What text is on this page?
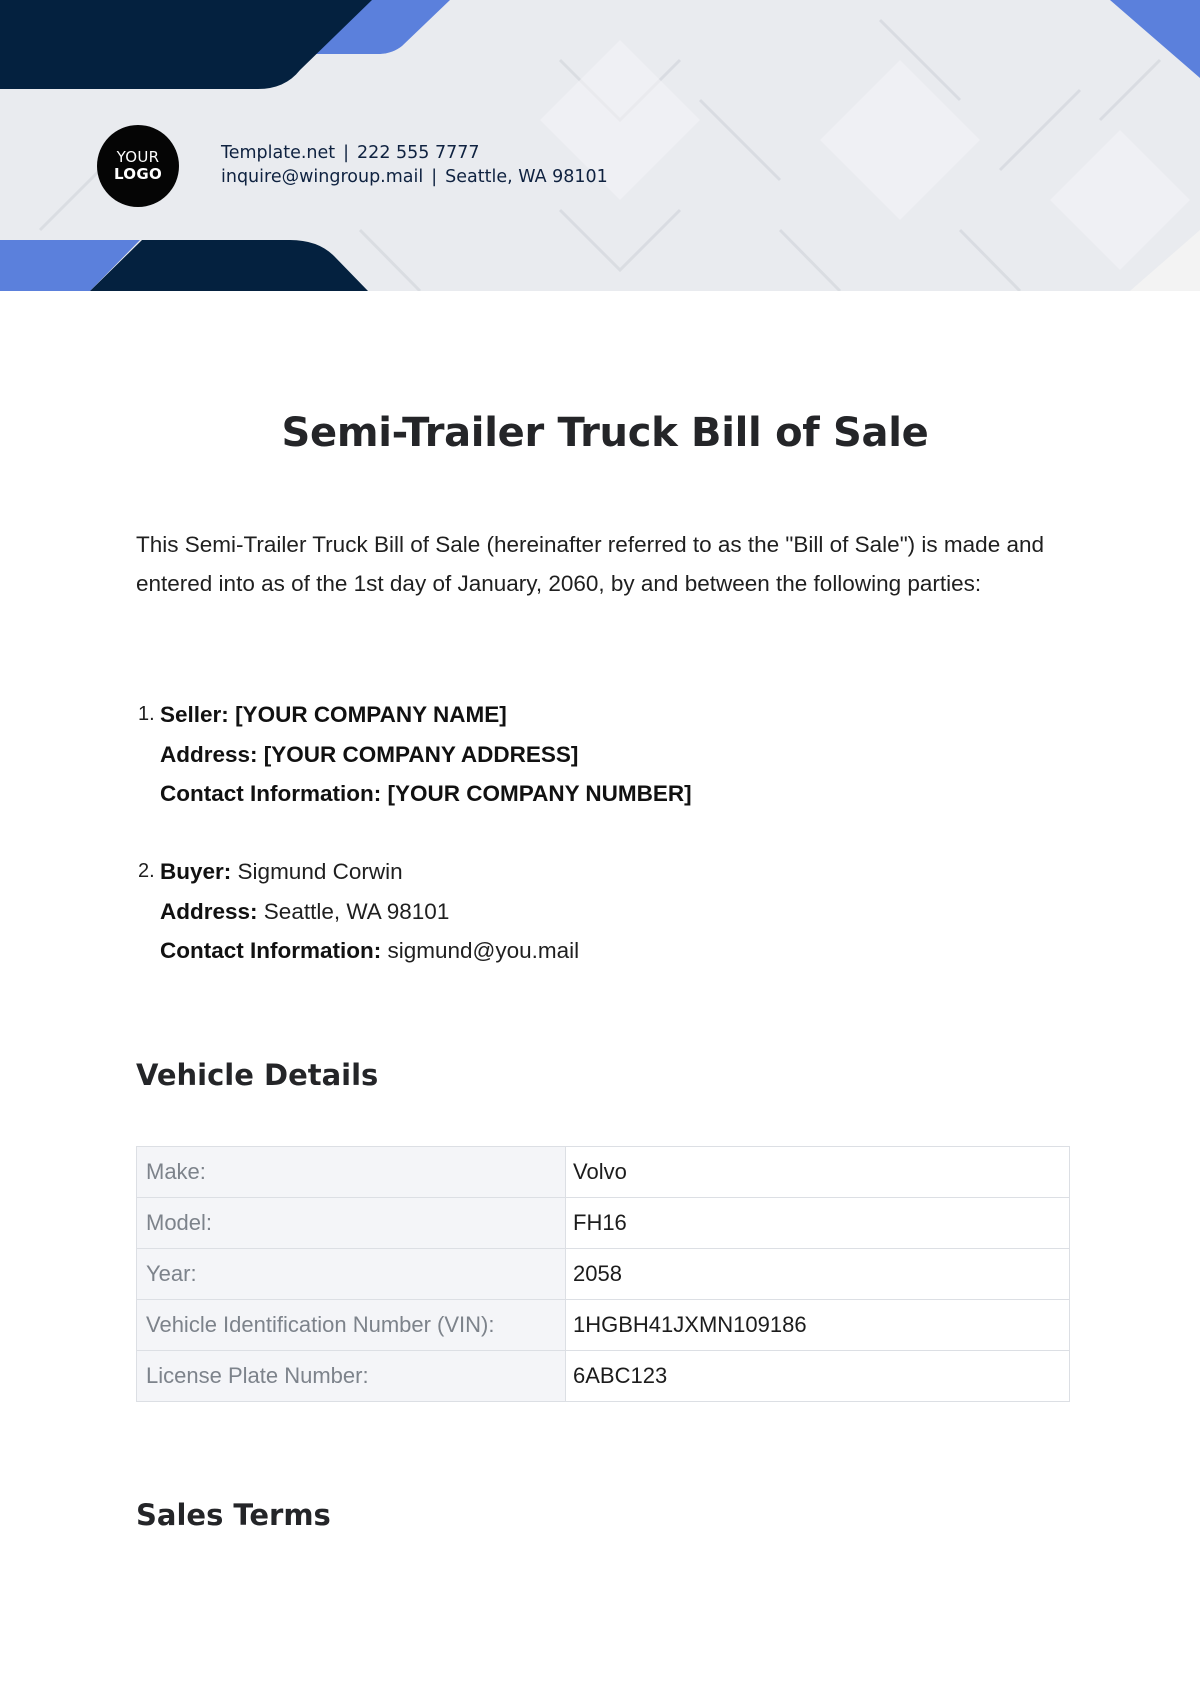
YOUR
LOGO
Template.net | 222 555 7777
inquire@wingroup.mail | Seattle, WA 98101
Semi-Trailer Truck Bill of Sale
This Semi-Trailer Truck Bill of Sale (hereinafter referred to as the "Bill of Sale") is made and entered into as of the 1st day of January, 2060, by and between the following parties:
1. Seller: [YOUR COMPANY NAME]
Address: [YOUR COMPANY ADDRESS]
Contact Information: [YOUR COMPANY NUMBER]
2. Buyer: Sigmund Corwin
Address: Seattle, WA 98101
Contact Information: sigmund@you.mail
Vehicle Details
Make:	Volvo
Model:	FH16
Year:	2058
Vehicle Identification Number (VIN):	1HGBH41JXMN109186
License Plate Number:	6ABC123
Sales Terms
